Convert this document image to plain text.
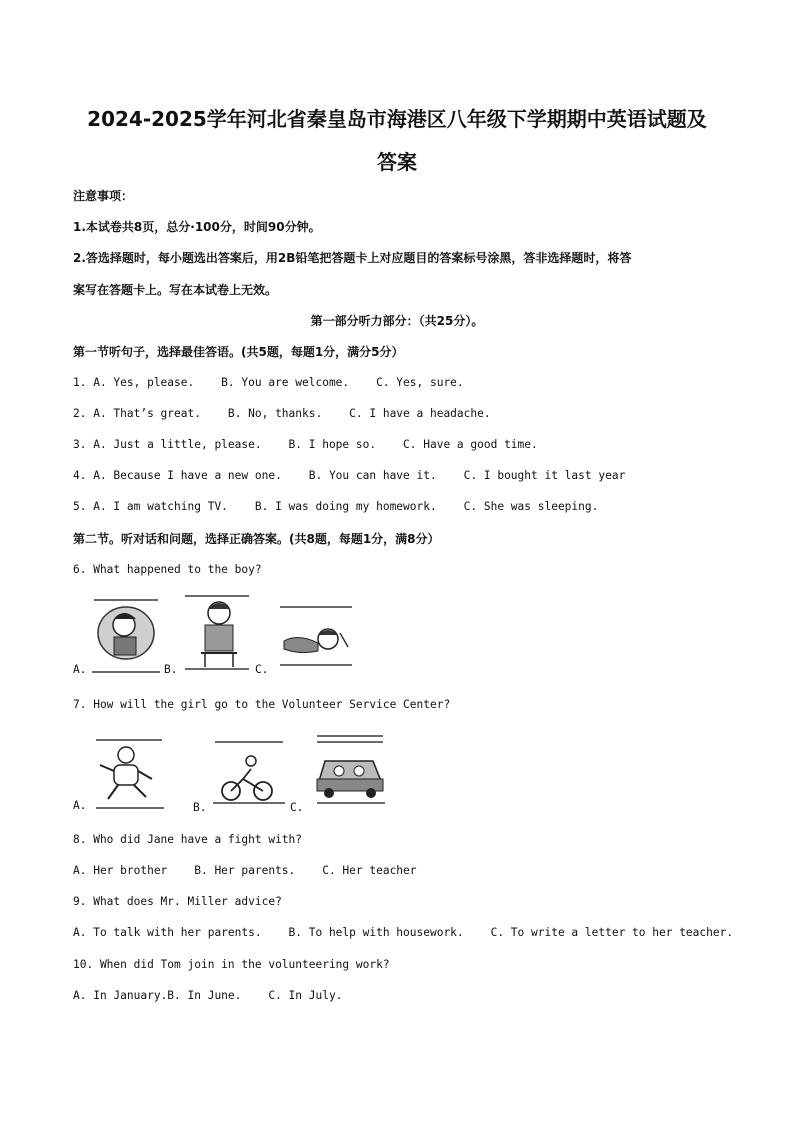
2024-2025学年河北省秦皇岛市海港区八年级下学期期中英语试题及
答案
注意事项：
1.本试卷共8页，总分·100分，时间90分钟。
2.答选择题时，每小题选出答案后，用2B铅笔把答题卡上对应题目的答案标号涂黑，答非选择题时，将答
案写在答题卡上。写在本试卷上无效。
第一部分听力部分：（共25分）。
第一节听句子，选择最佳答语。(共5题，每题1分，满分5分）
1. A. Yes, please.    B. You are welcome.    C. Yes, sure.
2. A. That’s great.    B. No, thanks.    C. I have a headache.
3. A. Just a little, please.    B. I hope so.    C. Have a good time.
4. A. Because I have a new one.    B. You can have it.    C. I bought it last year
5. A. I am watching TV.    B. I was doing my homework.    C. She was sleeping.
第二节。听对话和问题，选择正确答案。(共8题，每题1分，满8分）
6. What happened to the boy?
A.	B.	C.
7. How will the girl go to the Volunteer Service Center?
A.	B.	C.
8. Who did Jane have a fight with?
A. Her brother    B. Her parents.    C. Her teacher
9. What does Mr. Miller advice?
A. To talk with her parents.    B. To help with housework.    C. To write a letter to her teacher.
10. When did Tom join in the volunteering work?
A. In January.B. In June.    C. In July.
